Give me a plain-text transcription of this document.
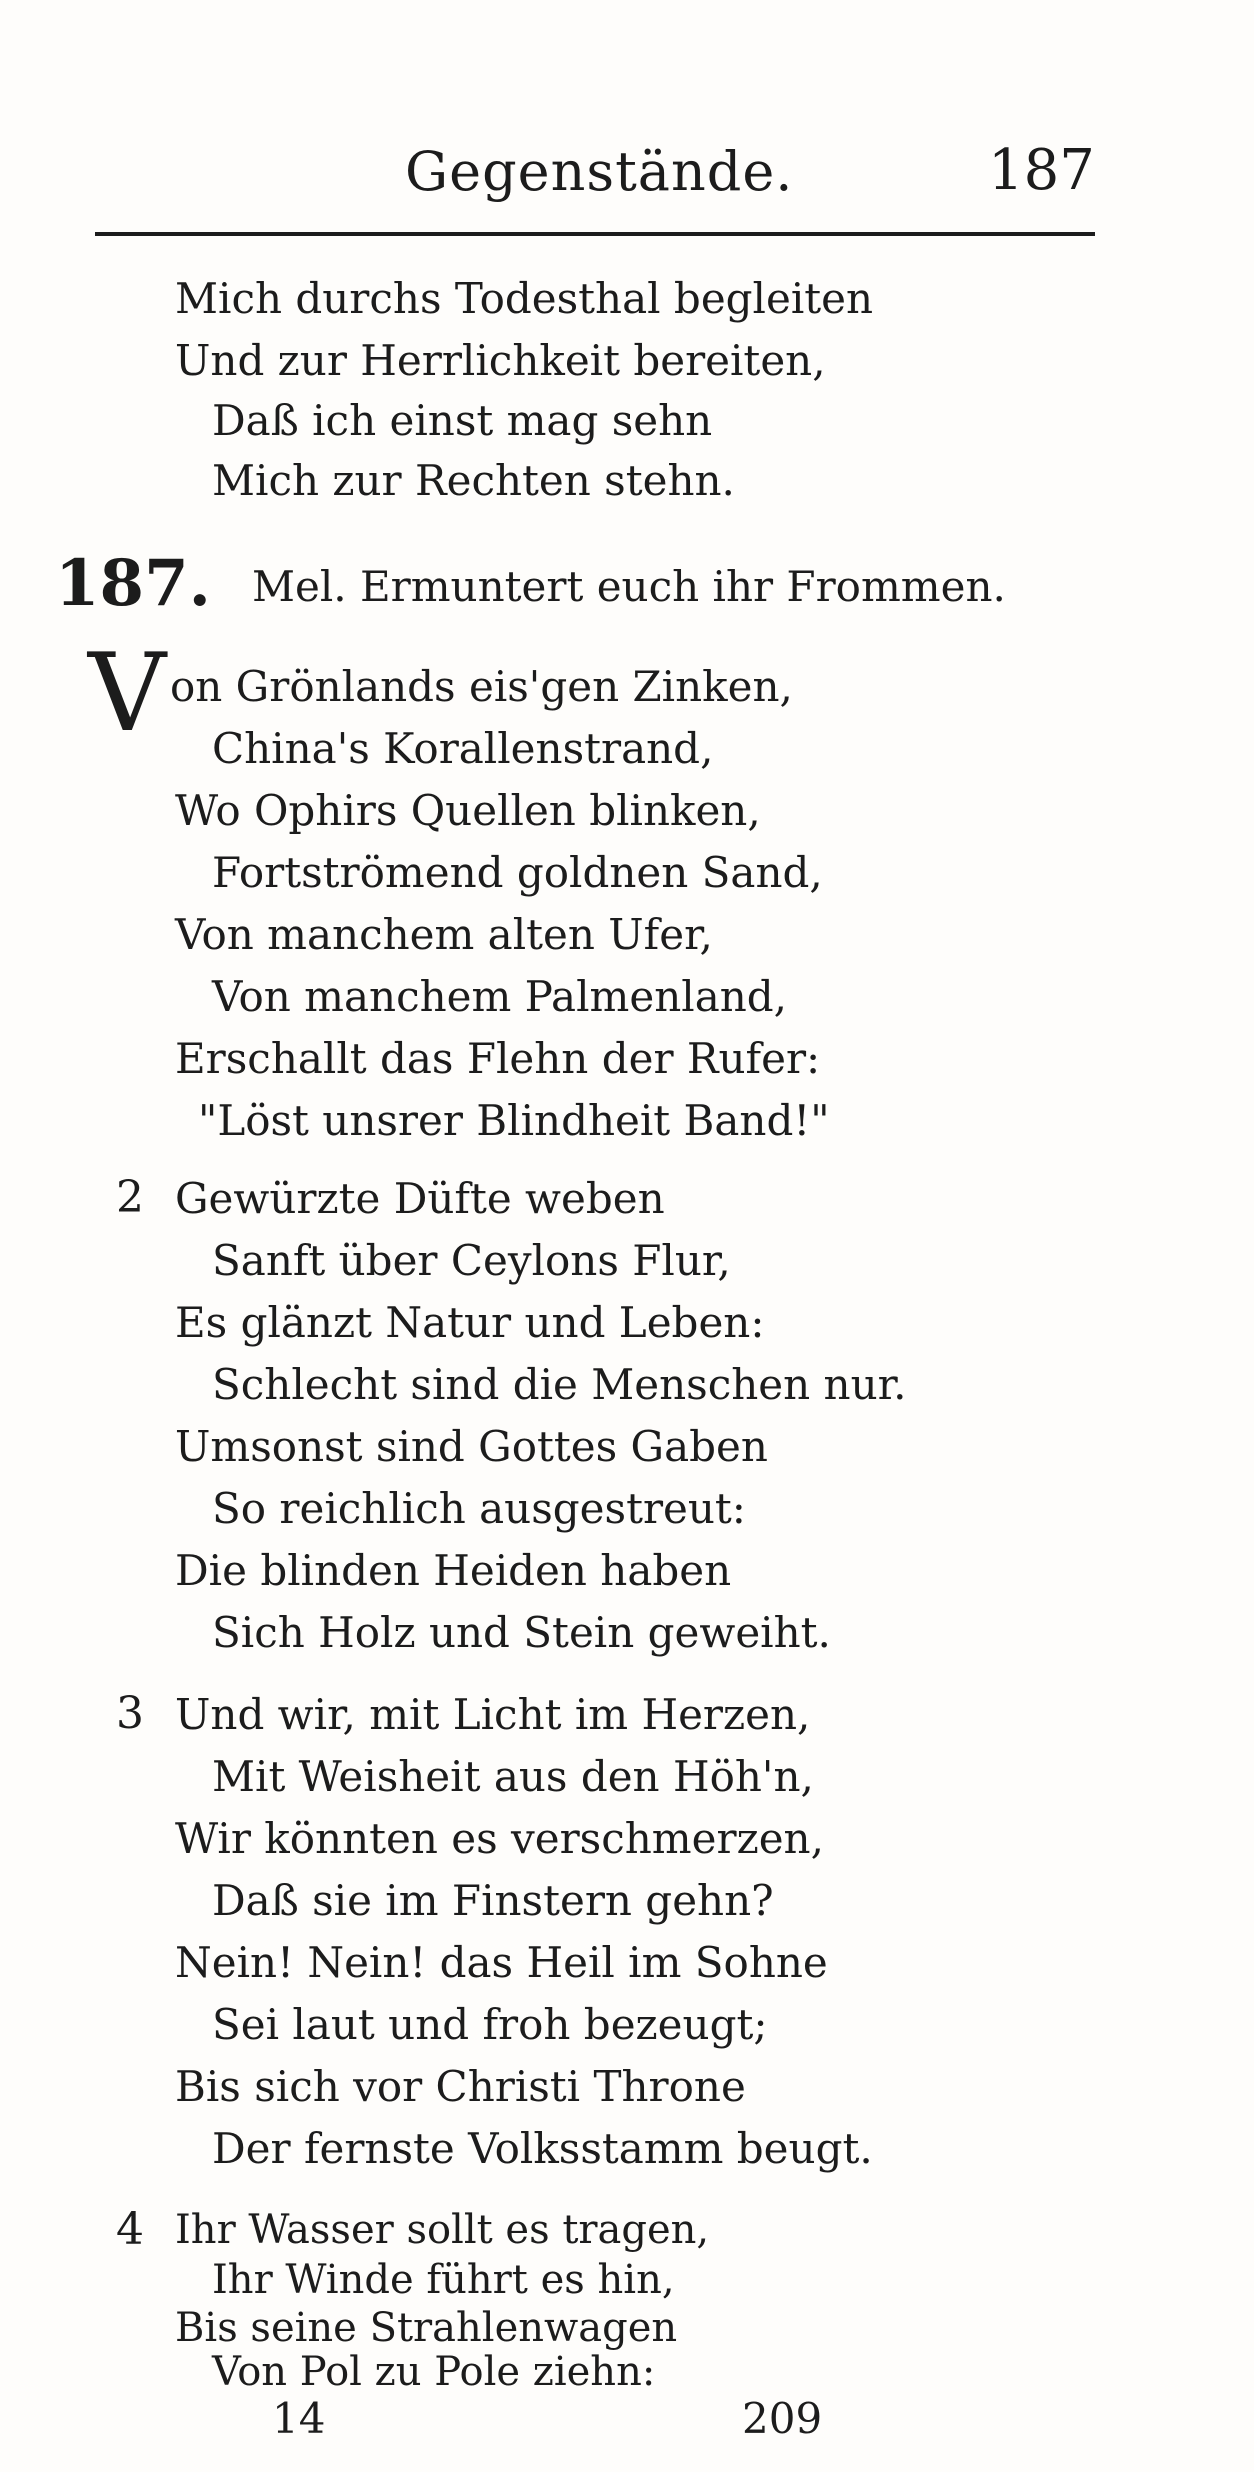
Gegenstände.	187
Mich durchs Todesthal begleiten
Und zur Herrlichkeit bereiten,
Daß ich einst mag sehn
Mich zur Rechten stehn.
187. Mel. Ermuntert euch ihr Frommen.
V on Grönlands eis'gen Zinken,
China's Korallenstrand,
Wo Ophirs Quellen blinken,
Fortströmend goldnen Sand,
Von manchem alten Ufer,
Von manchem Palmenland,
Erschallt das Flehn der Rufer:
"Löst unsrer Blindheit Band!"
2 Gewürzte Düfte weben
Sanft über Ceylons Flur,
Es glänzt Natur und Leben:
Schlecht sind die Menschen nur.
Umsonst sind Gottes Gaben
So reichlich ausgestreut:
Die blinden Heiden haben
Sich Holz und Stein geweiht.
3 Und wir, mit Licht im Herzen,
Mit Weisheit aus den Höh'n,
Wir könnten es verschmerzen,
Daß sie im Finstern gehn?
Nein! Nein! das Heil im Sohne
Sei laut und froh bezeugt;
Bis sich vor Christi Throne
Der fernste Volksstamm beugt.
4 Ihr Wasser sollt es tragen,
Ihr Winde führt es hin,
Bis seine Strahlenwagen
14	209
Von Pol zu Pole ziehn:
